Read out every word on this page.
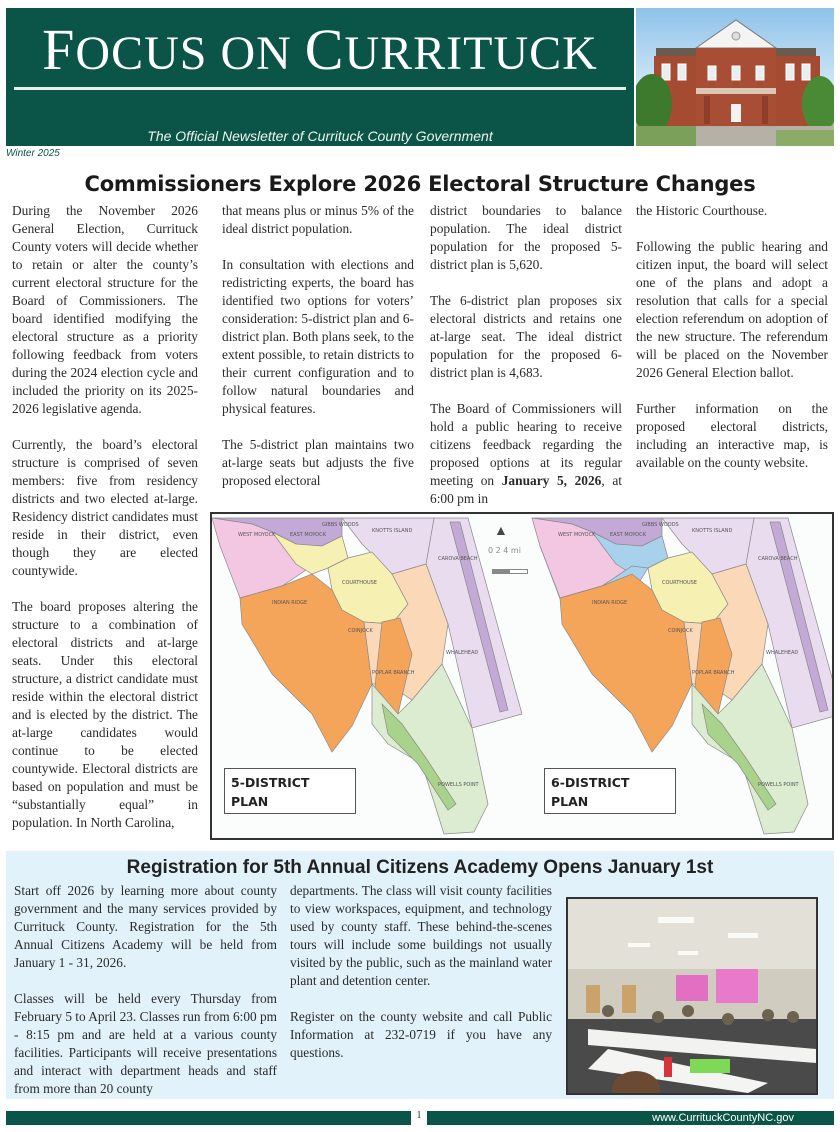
FOCUS ON CURRITUCK
The Official Newsletter of Currituck County Government
Winter 2025
Commissioners Explore 2026 Electoral Structure Changes

During the November 2026 General Election, Currituck County voters will decide whether to retain or alter the county’s current electoral structure for the Board of Commissioners. The board identified modifying the electoral structure as a priority following feedback from voters during the 2024 election cycle and included the priority on its 2025-2026 legislative agenda.

Currently, the board’s electoral structure is comprised of seven members: five from residency districts and two elected at-large. Residency district candidates must reside in their district, even though they are elected countywide.

The board proposes altering the structure to a combination of electoral districts and at-large seats. Under this electoral structure, a district candidate must reside within the electoral district and is elected by the district. The at-large candidates would continue to be elected countywide. Electoral districts are based on population and must be “substantially equal” in population. In North Carolina,

that means plus or minus 5% of the ideal district population.

In consultation with elections and redistricting experts, the board has identified two options for voters’ consideration: 5-district plan and 6-district plan. Both plans seek, to the extent possible, to retain districts to their current configuration and to follow natural boundaries and physical features.

The 5-district plan maintains two at-large seats but adjusts the five proposed electoral

district boundaries to balance population. The ideal district population for the proposed 5-district plan is 5,620.

The 6-district plan proposes six electoral districts and retains one at-large seat. The ideal district population for the proposed 6-district plan is 4,683.

The Board of Commissioners will hold a public hearing to receive citizens feedback regarding the proposed options at its regular meeting on January 5, 2026, at 6:00 pm in

the Historic Courthouse.

Following the public hearing and citizen input, the board will select one of the plans and adopt a resolution that calls for a special election referendum on adoption of the new structure. The referendum will be placed on the November 2026 General Election ballot.

Further information on the proposed electoral districts, including an interactive map, is available on the county website.

WEST MOYOCK	EAST MOYOCK
GIBBS WOODS
KNOTTS ISLAND
CAROVA BEACH
COURTHOUSE
INDIAN RIDGE
COINJOCK
POPLAR BRANCH
WHALEHEAD
POWELLS POINT
WEST MOYOCK	EAST MOYOCK
GIBBS WOODS
KNOTTS ISLAND
CAROVA BEACH
COURTHOUSE
INDIAN RIDGE
COINJOCK
POPLAR BRANCH
WHALEHEAD
POWELLS POINT
▲
0 2 4 mi
5-DISTRICT
PLAN
6-DISTRICT
PLAN
Registration for 5th Annual Citizens Academy Opens January 1st

Start off 2026 by learning more about county government and the many services provided by Currituck County. Registration for the 5th Annual Citizens Academy will be held from January 1 - 31, 2026.

Classes will be held every Thursday from February 5 to April 23. Classes run from 6:00 pm - 8:15 pm and are held at a various county facilities. Participants will receive presentations and interact with department heads and staff from more than 20 county

departments. The class will visit county facilities to view workspaces, equipment, and technology used by county staff. These behind-the-scenes tours will include some buildings not usually visited by the public, such as the mainland water plant and detention center.

Register on the county website and call Public Information at 232-0719 if you have any questions.

1	www.CurrituckCountyNC.gov
